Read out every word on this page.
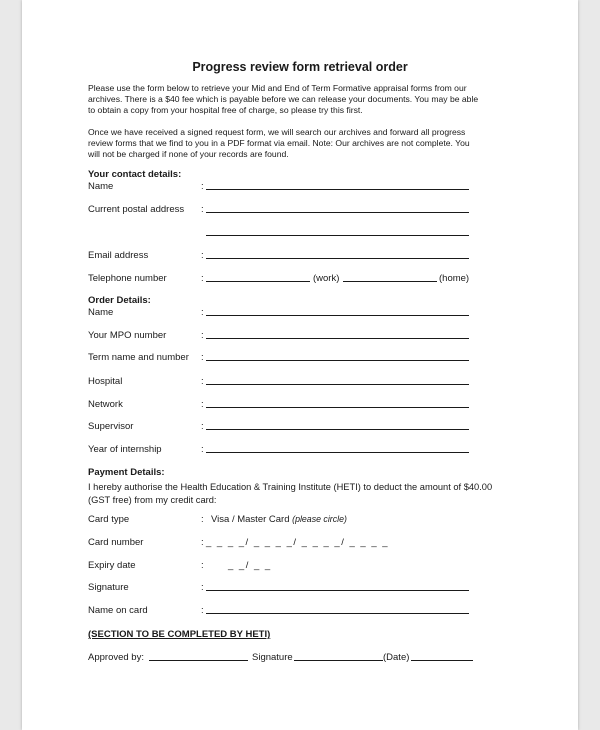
Progress review form retrieval order

Please use the form below to retrieve your Mid and End of Term Formative appraisal forms from our archives. There is a $40 fee which is payable before we can release your documents. You may be able to obtain a copy from your hospital free of charge, so please try this first.

Once we have received a signed request form, we will search our archives and forward all progress review forms that we find to you in a PDF format via email. Note: Our archives are not complete. You will not be charged if none of your records are found.

Your contact details:
Name	:
Current postal address :
Email address	:
Telephone number	:	(work)	(home)
Order Details:
Name	:
Your MPO number	:
Term name and number :
Hospital	:
Network	:
Supervisor	:
Year of internship	:
Payment Details:

I hereby authorise the Health Education & Training Institute (HETI) to deduct the amount of $40.00 (GST free) from my credit card:

Card type	: Visa / Master Card (please circle)
Card number	: _ _ _ _/ _ _ _ _/ _ _ _ _/ _ _ _ _
Expiry date	:	_ _/ _ _
Signature	:
Name on card	:
(SECTION TO BE COMPLETED BY HETI)
Approved by:	Signature	(Date)
